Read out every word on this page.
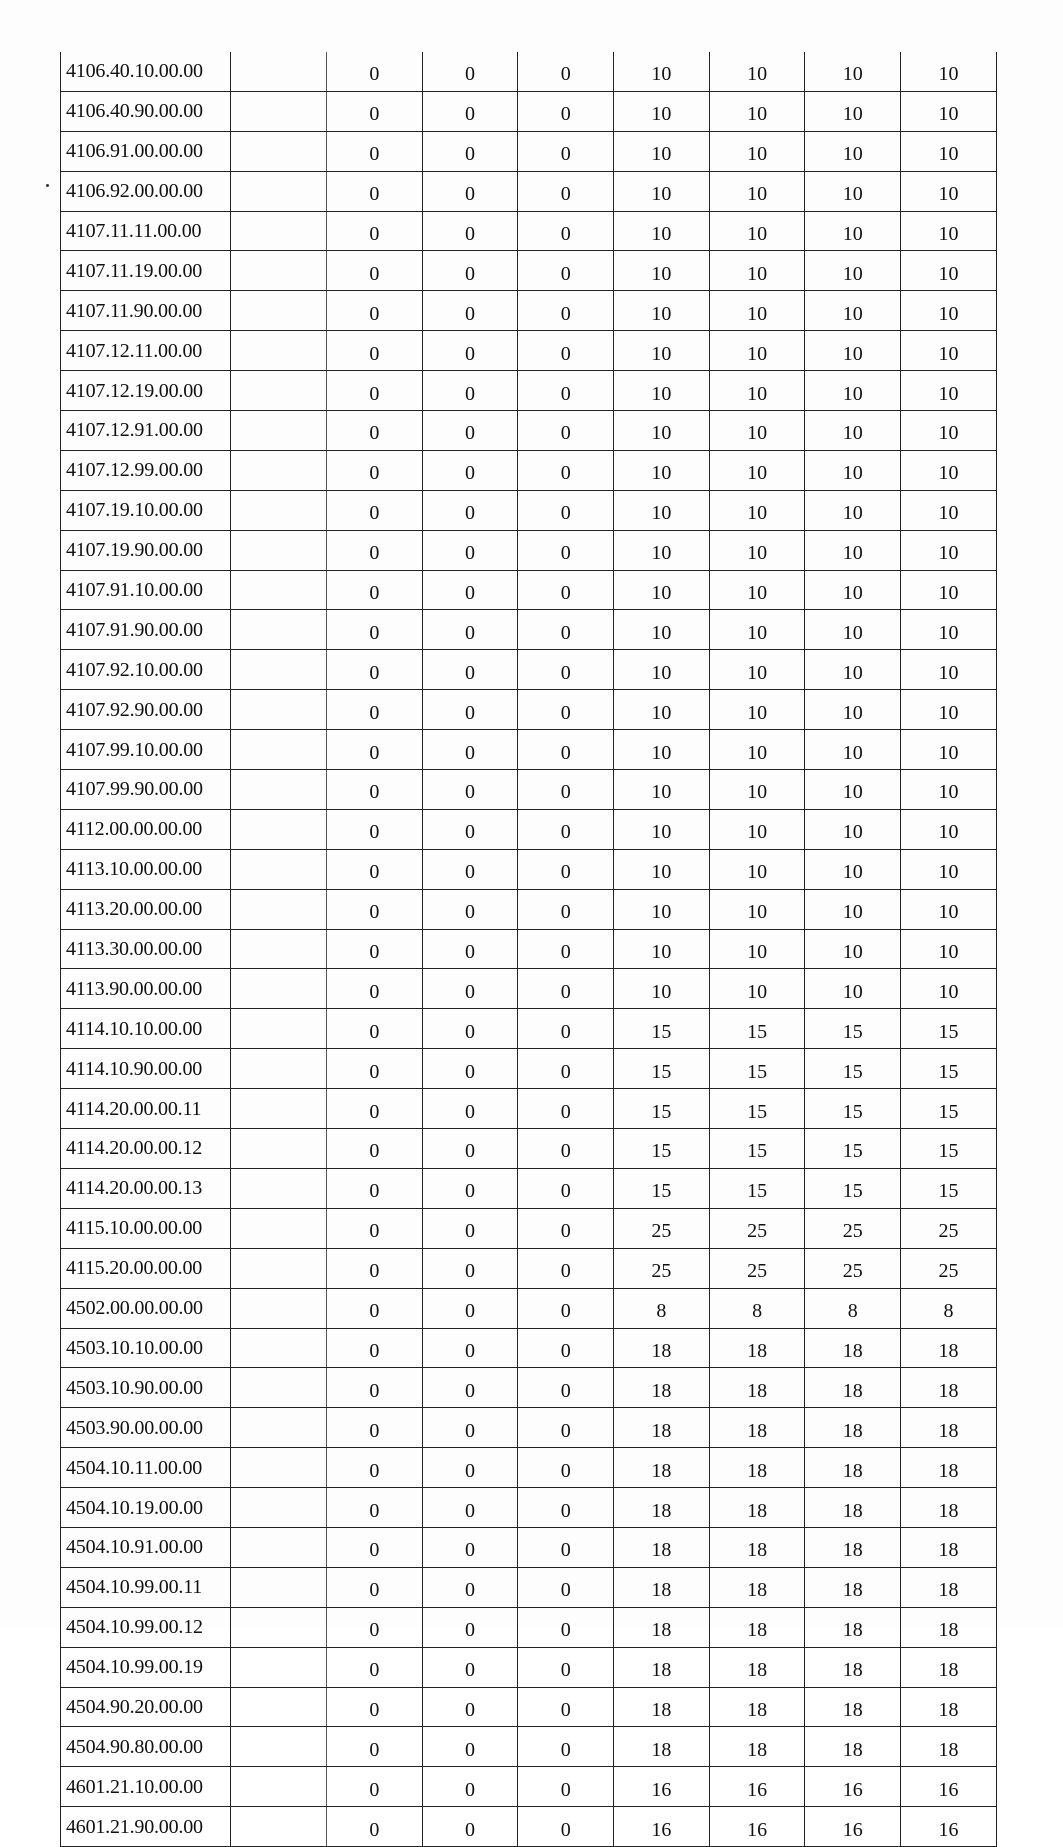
4106.40.10.00.00		0	0	0	10	10	10	10
4106.40.90.00.00		0	0	0	10	10	10	10
4106.91.00.00.00		0	0	0	10	10	10	10
4106.92.00.00.00		0	0	0	10	10	10	10
4107.11.11.00.00		0	0	0	10	10	10	10
4107.11.19.00.00		0	0	0	10	10	10	10
4107.11.90.00.00		0	0	0	10	10	10	10
4107.12.11.00.00		0	0	0	10	10	10	10
4107.12.19.00.00		0	0	0	10	10	10	10
4107.12.91.00.00		0	0	0	10	10	10	10
4107.12.99.00.00		0	0	0	10	10	10	10
4107.19.10.00.00		0	0	0	10	10	10	10
4107.19.90.00.00		0	0	0	10	10	10	10
4107.91.10.00.00		0	0	0	10	10	10	10
4107.91.90.00.00		0	0	0	10	10	10	10
4107.92.10.00.00		0	0	0	10	10	10	10
4107.92.90.00.00		0	0	0	10	10	10	10
4107.99.10.00.00		0	0	0	10	10	10	10
4107.99.90.00.00		0	0	0	10	10	10	10
4112.00.00.00.00		0	0	0	10	10	10	10
4113.10.00.00.00		0	0	0	10	10	10	10
4113.20.00.00.00		0	0	0	10	10	10	10
4113.30.00.00.00		0	0	0	10	10	10	10
4113.90.00.00.00		0	0	0	10	10	10	10
4114.10.10.00.00		0	0	0	15	15	15	15
4114.10.90.00.00		0	0	0	15	15	15	15
4114.20.00.00.11		0	0	0	15	15	15	15
4114.20.00.00.12		0	0	0	15	15	15	15
4114.20.00.00.13		0	0	0	15	15	15	15
4115.10.00.00.00		0	0	0	25	25	25	25
4115.20.00.00.00		0	0	0	25	25	25	25
4502.00.00.00.00		0	0	0	8	8	8	8
4503.10.10.00.00		0	0	0	18	18	18	18
4503.10.90.00.00		0	0	0	18	18	18	18
4503.90.00.00.00		0	0	0	18	18	18	18
4504.10.11.00.00		0	0	0	18	18	18	18
4504.10.19.00.00		0	0	0	18	18	18	18
4504.10.91.00.00		0	0	0	18	18	18	18
4504.10.99.00.11		0	0	0	18	18	18	18
4504.10.99.00.12		0	0	0	18	18	18	18
4504.10.99.00.19		0	0	0	18	18	18	18
4504.90.20.00.00		0	0	0	18	18	18	18
4504.90.80.00.00		0	0	0	18	18	18	18
4601.21.10.00.00		0	0	0	16	16	16	16
4601.21.90.00.00		0	0	0	16	16	16	16
